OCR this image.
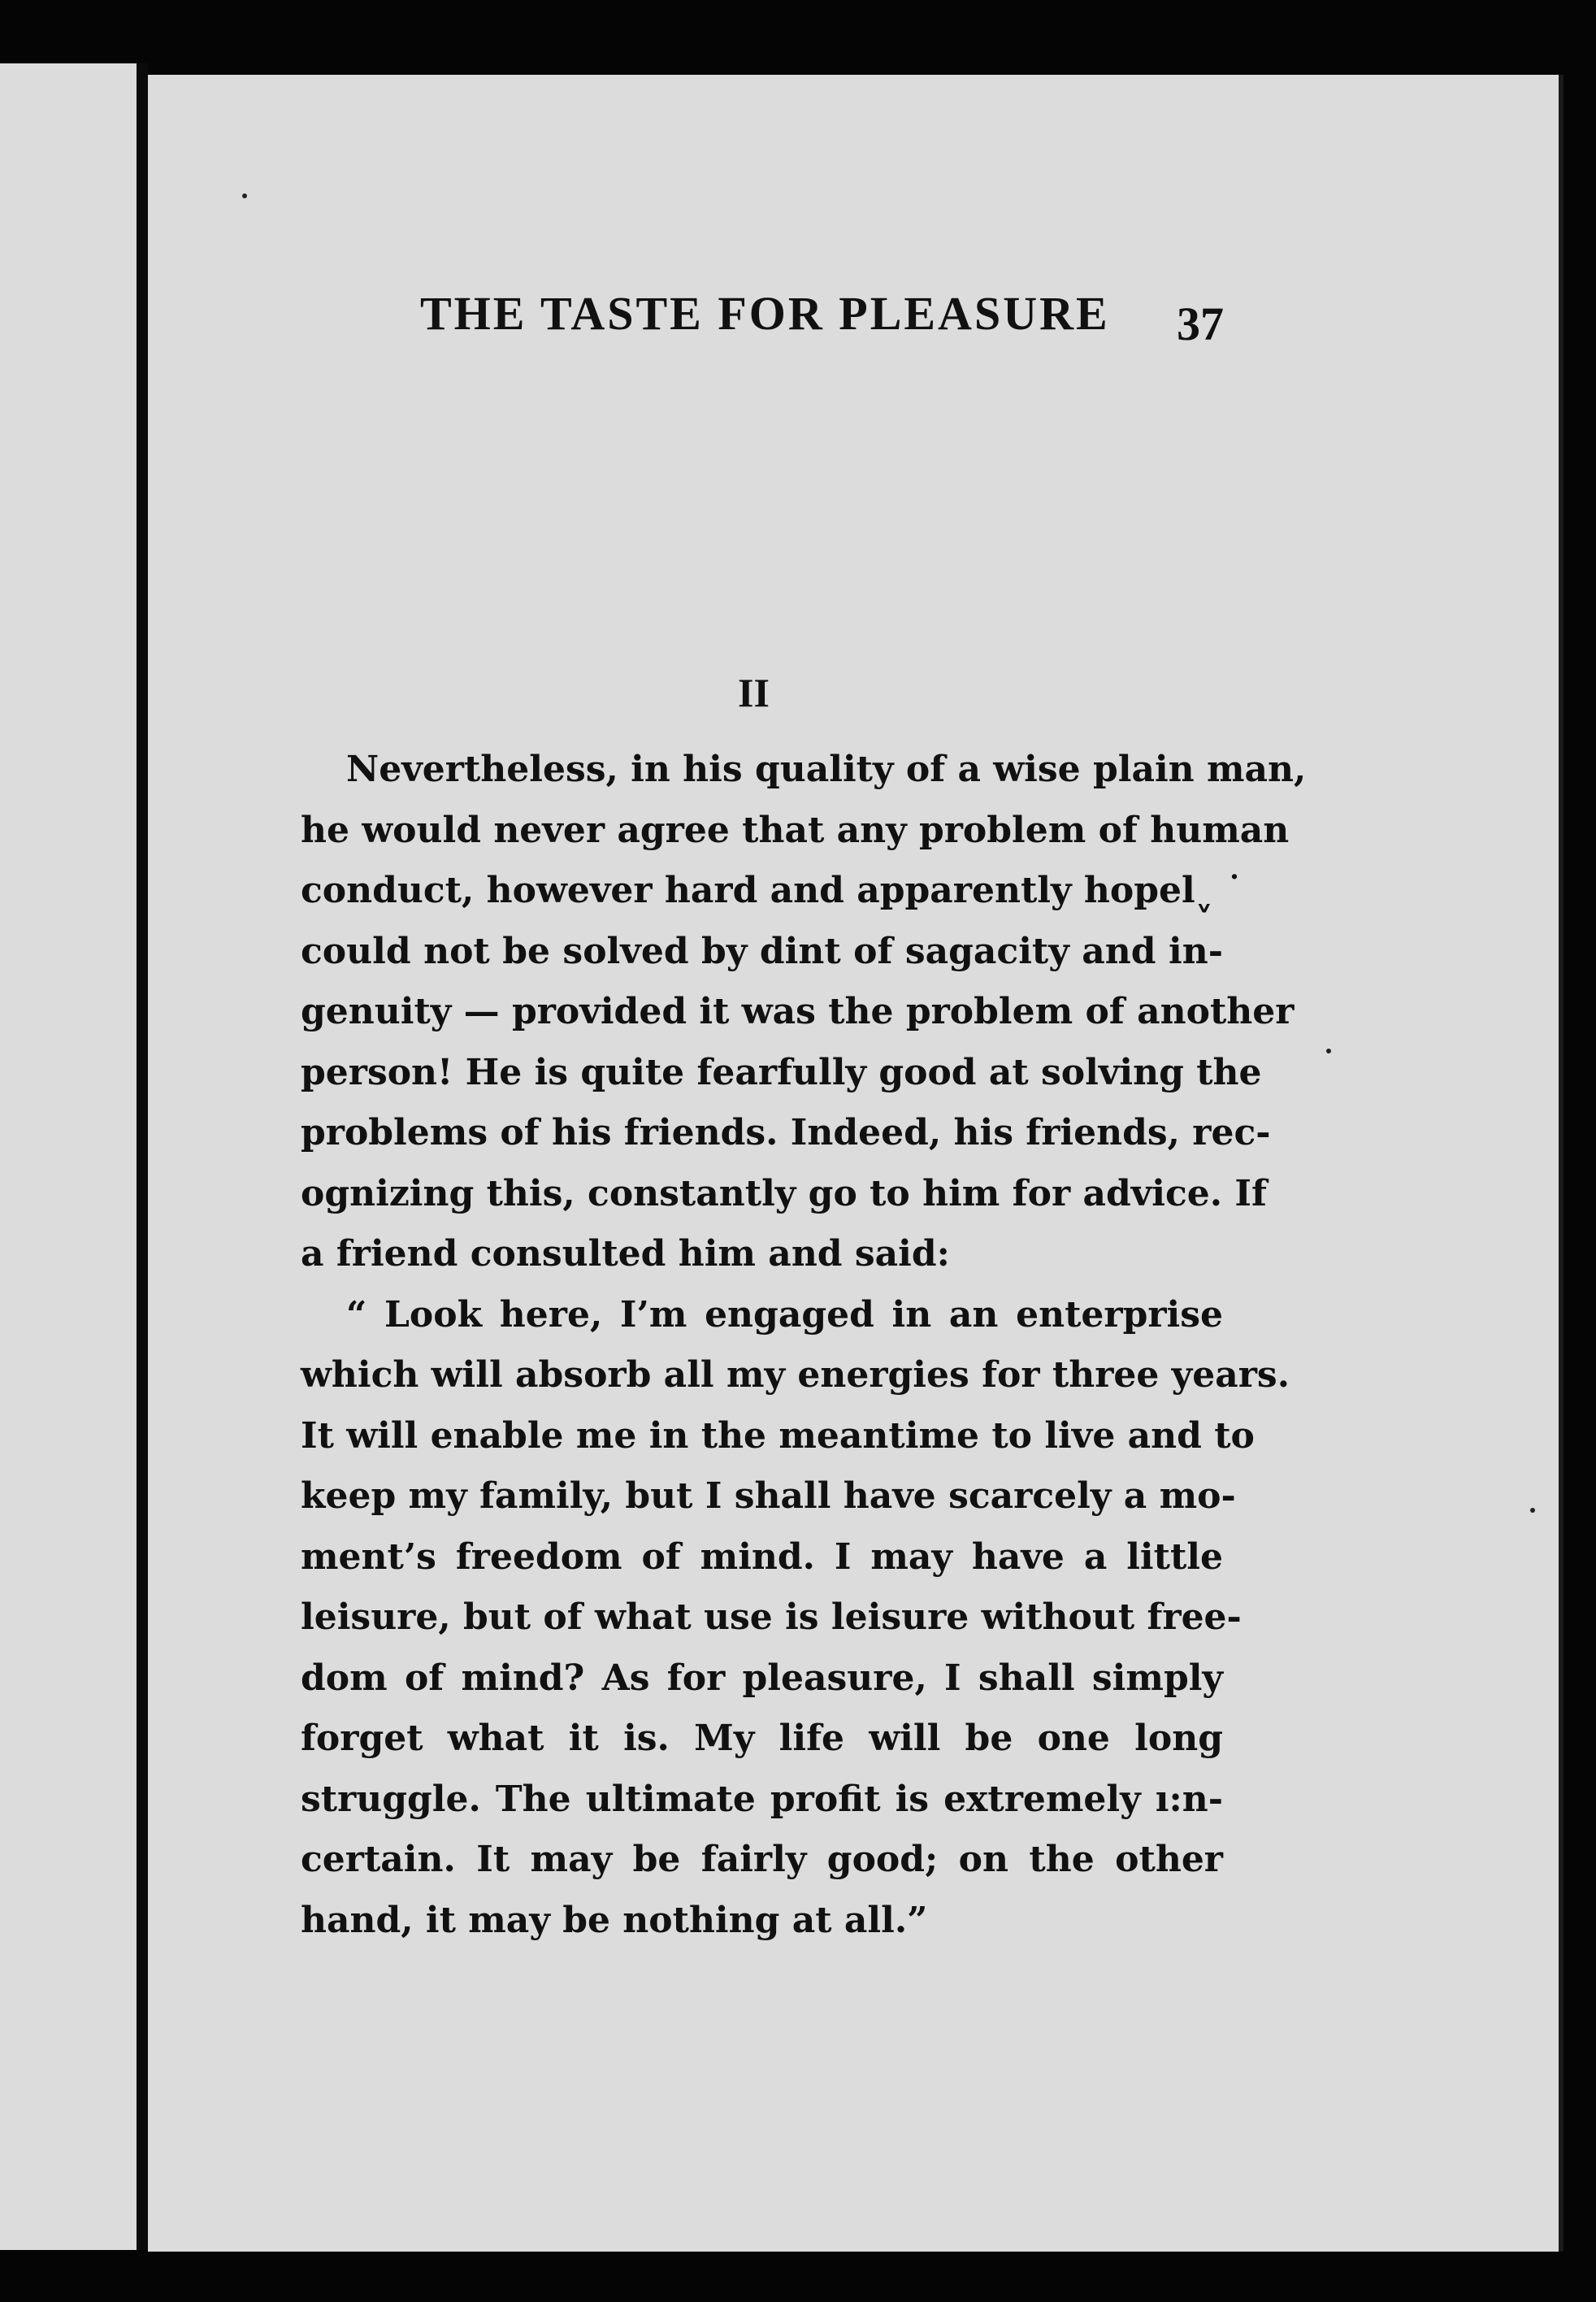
THE TASTE FOR PLEASURE 37
II
Nevertheless, in his quality of a wise plain man,
he would never agree that any problem of human
conduct, however hard and apparently hopelˬ ˙
could not be solved by dint of sagacity and in-
genuity — provided it was the problem of another
person! He is quite fearfully good at solving the
problems of his friends. Indeed, his friends, rec-
ognizing this, constantly go to him for advice. If
a friend consulted him and said:
“ Look here, I’m engaged in an enterprise
which will absorb all my energies for three years.
It will enable me in the meantime to live and to
keep my family, but I shall have scarcely a mo-
ment’s freedom of mind. I may have a little
leisure, but of what use is leisure without free-
dom of mind? As for pleasure, I shall simply
forget what it is. My life will be one long
struggle. The ultimate profit is extremely ı:n-
certain. It may be fairly good; on the other
hand, it may be nothing at all.”
